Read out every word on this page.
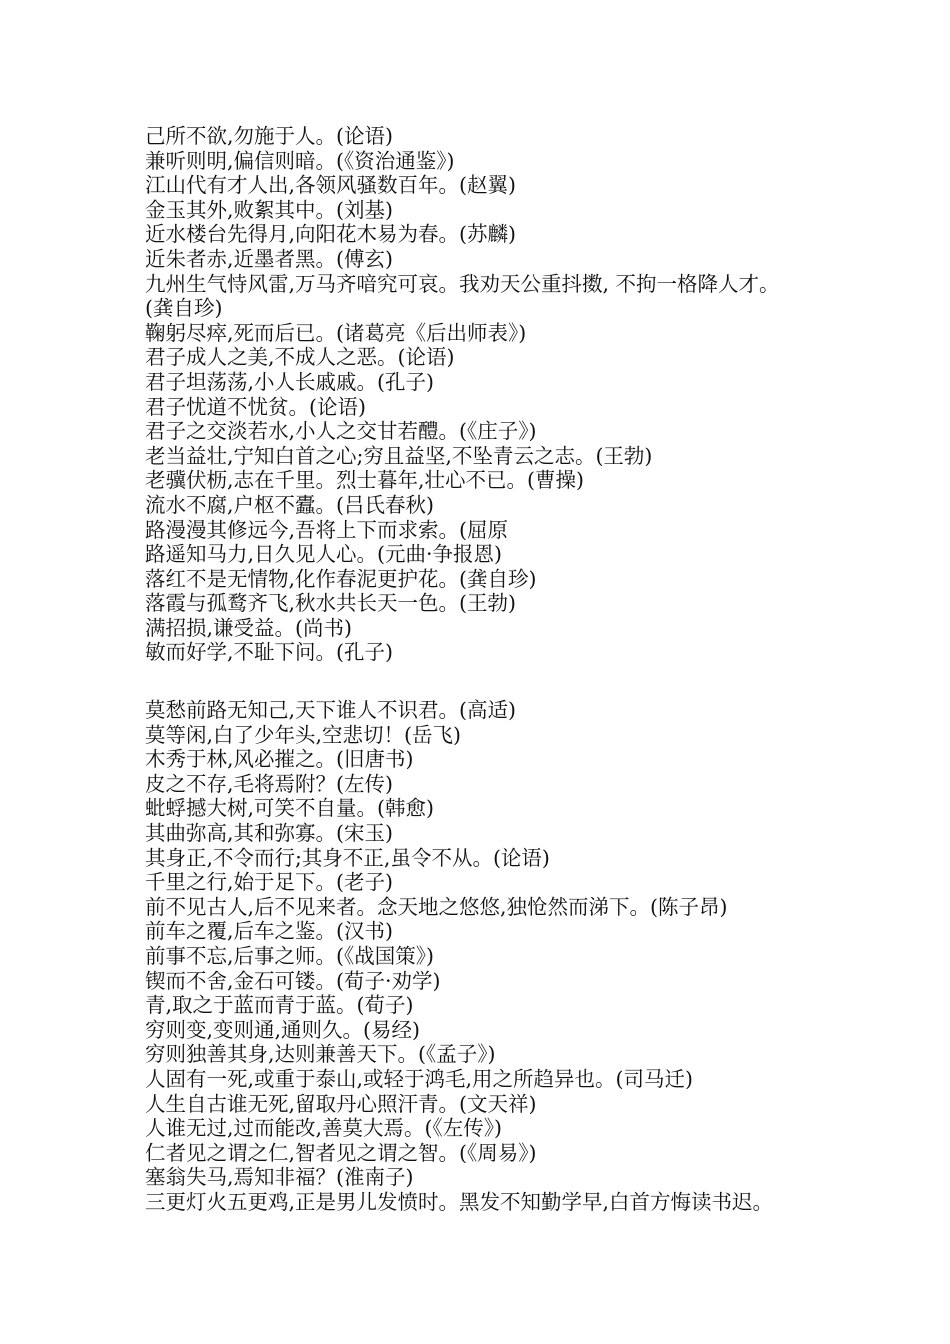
己所不欲,勿施于人。(论语)
兼听则明,偏信则暗。(《资治通鉴》)
江山代有才人出,各领风骚数百年。(赵翼)
金玉其外,败絮其中。(刘基)
近水楼台先得月,向阳花木易为春。(苏麟)
近朱者赤,近墨者黑。(傅玄)
九州生气恃风雷,万马齐喑究可哀。我劝天公重抖擞, 不拘一格降人才。
(龚自珍)
鞠躬尽瘁,死而后已。(诸葛亮《后出师表》)
君子成人之美,不成人之恶。(论语)
君子坦荡荡,小人长戚戚。(孔子)
君子忧道不忧贫。(论语)
君子之交淡若水,小人之交甘若醴。(《庄子》)
老当益壮,宁知白首之心;穷且益坚,不坠青云之志。(王勃)
老骥伏枥,志在千里。烈士暮年,壮心不已。(曹操)
流水不腐,户枢不蠹。(吕氏春秋)
路漫漫其修远今,吾将上下而求索。(屈原
路遥知马力,日久见人心。(元曲·争报恩)
落红不是无情物,化作春泥更护花。(龚自珍)
落霞与孤鹜齐飞,秋水共长天一色。(王勃)
满招损,谦受益。(尚书)
敏而好学,不耻下问。(孔子)
莫愁前路无知己,天下谁人不识君。(高适)
莫等闲,白了少年头,空悲切！(岳飞)
木秀于林,风必摧之。(旧唐书)
皮之不存,毛将焉附？(左传)
蚍蜉撼大树,可笑不自量。(韩愈)
其曲弥高,其和弥寡。(宋玉)
其身正,不令而行;其身不正,虽令不从。(论语)
千里之行,始于足下。(老子)
前不见古人,后不见来者。念天地之悠悠,独怆然而涕下。(陈子昂)
前车之覆,后车之鉴。(汉书)
前事不忘,后事之师。(《战国策》)
锲而不舍,金石可镂。(荀子·劝学)
青,取之于蓝而青于蓝。(荀子)
穷则变,变则通,通则久。(易经)
穷则独善其身,达则兼善天下。(《孟子》)
人固有一死,或重于泰山,或轻于鸿毛,用之所趋异也。(司马迁)
人生自古谁无死,留取丹心照汗青。(文天祥)
人谁无过,过而能改,善莫大焉。(《左传》)
仁者见之谓之仁,智者见之谓之智。(《周易》)
塞翁失马,焉知非福？(淮南子)
三更灯火五更鸡,正是男儿发愤时。黑发不知勤学早,白首方悔读书迟。
